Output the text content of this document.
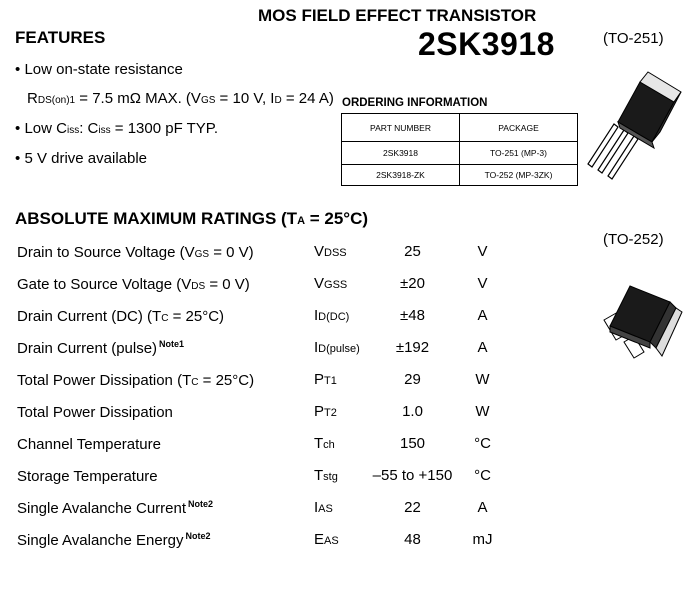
MOS FIELD EFFECT TRANSISTOR
2SK3918	(TO-251)
(TO-252)
FEATURES
• Low on-state resistance
RDS(on)1 = 7.5 mΩ MAX. (VGS = 10 V, ID = 24 A)
• Low Ciss: Ciss = 1300 pF TYP.
• 5 V drive available
ORDERING INFORMATION
PART NUMBER	PACKAGE
2SK3918	TO-251 (MP-3)
2SK3918-ZK	TO-252 (MP-3ZK)
ABSOLUTE MAXIMUM RATINGS (TA = 25°C)
Drain to Source Voltage (VGS = 0 V)	VDSS	25	V
Gate to Source Voltage (VDS = 0 V)	VGSS	±20	V
Drain Current (DC) (TC = 25°C)	ID(DC)	±48	A
Drain Current (pulse) $^{Note1}$	ID(pulse)	±192	A
Total Power Dissipation (TC = 25°C)	PT1	29	W
Total Power Dissipation	PT2	1.0	W
Channel Temperature	Tch	150	°C
Storage Temperature	Tstg	–55 to +150	°C
Single Avalanche Current $^{Note2}$	IAS	22	A
Single Avalanche Energy $^{Note2}$	EAS	48	mJ
